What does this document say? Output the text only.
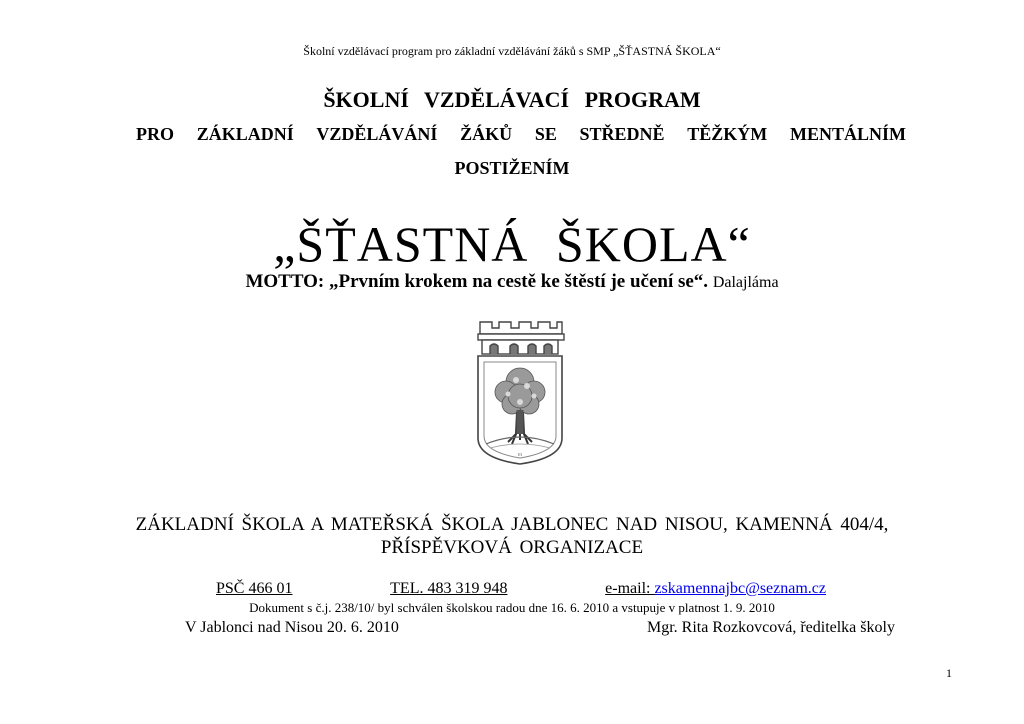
Školní vzdělávací program pro základní vzdělávání žáků s SMP „ŠŤASTNÁ ŠKOLA“
ŠKOLNÍ VZDĚLÁVACÍ PROGRAM
PRO ZÁKLADNÍ VZDĚLÁVÁNÍ ŽÁKŮ SE STŘEDNĚ TĚŽKÝM MENTÁLNÍM
POSTIŽENÍM
„ŠŤASTNÁ ŠKOLA“
MOTTO: „Prvním krokem na cestě ke štěstí je učení se“. Dalajláma
ııı
ZÁKLADNÍ ŠKOLA A MATEŘSKÁ ŠKOLA JABLONEC NAD NISOU, KAMENNÁ 404/4,
PŘÍSPĚVKOVÁ ORGANIZACE
PSČ 466 01	TEL. 483 319 948	e-mail: zskamennajbc@seznam.cz
Dokument s č.j. 238/10/ byl schválen školskou radou dne 16. 6. 2010 a vstupuje v platnost 1. 9. 2010
V Jablonci nad Nisou 20. 6. 2010	Mgr. Rita Rozkovcová, ředitelka školy
1
